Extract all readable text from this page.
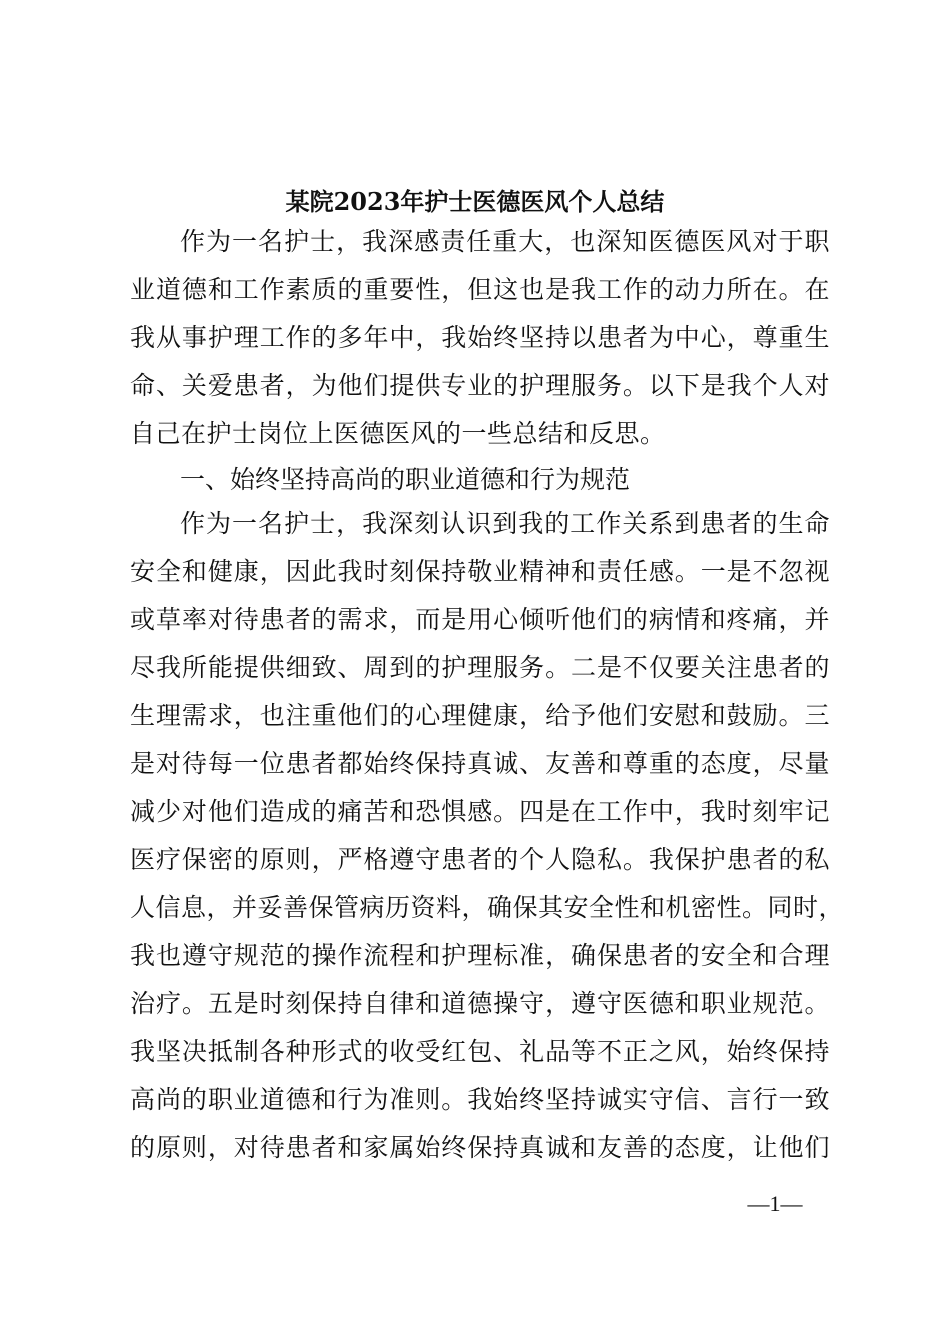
某院2023年护士医德医风个人总结
作为一名护士，我深感责任重大，也深知医德医风对于职
业道德和工作素质的重要性，但这也是我工作的动力所在。在
我从事护理工作的多年中，我始终坚持以患者为中心，尊重生
命、关爱患者，为他们提供专业的护理服务。以下是我个人对
自己在护士岗位上医德医风的一些总结和反思。
一、始终坚持高尚的职业道德和行为规范
作为一名护士，我深刻认识到我的工作关系到患者的生命
安全和健康，因此我时刻保持敬业精神和责任感。一是不忽视
或草率对待患者的需求，而是用心倾听他们的病情和疼痛，并
尽我所能提供细致、周到的护理服务。二是不仅要关注患者的
生理需求，也注重他们的心理健康，给予他们安慰和鼓励。三
是对待每一位患者都始终保持真诚、友善和尊重的态度，尽量
减少对他们造成的痛苦和恐惧感。四是在工作中，我时刻牢记
医疗保密的原则，严格遵守患者的个人隐私。我保护患者的私
人信息，并妥善保管病历资料，确保其安全性和机密性。同时，
我也遵守规范的操作流程和护理标准，确保患者的安全和合理
治疗。五是时刻保持自律和道德操守，遵守医德和职业规范。
我坚决抵制各种形式的收受红包、礼品等不正之风，始终保持
高尚的职业道德和行为准则。我始终坚持诚实守信、言行一致
的原则，对待患者和家属始终保持真诚和友善的态度，让他们
—1—
